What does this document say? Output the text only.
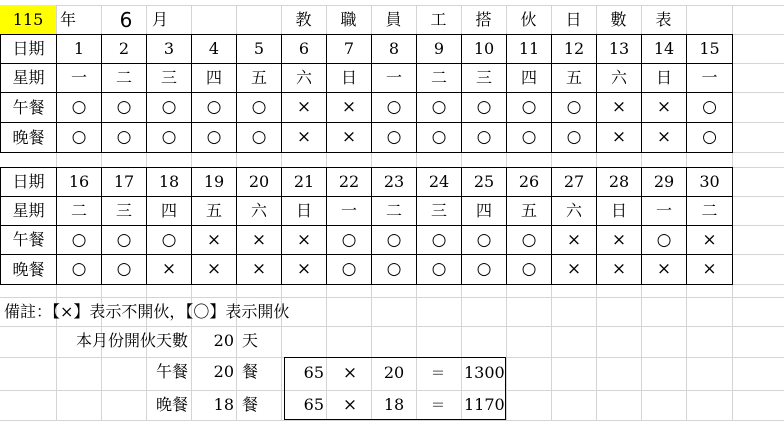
115	年	6	月	教	職	員	工	搭	伙	日	數	表
日期	1	2	3	4	5	6	7	8	9	10	11	12	13	14	15
星期	一	二	三	四	五	六	日	一	二	三	四	五	六	日	一
午餐	○	○	○	○	○	×	×	○	○	○	○	○	×	×	○
晚餐	○	○	○	○	○	×	×	○	○	○	○	○	×	×	○
日期	16	17	18	19	20	21	22	23	24	25	26	27	28	29	30
星期	二	三	四	五	六	日	一	二	三	四	五	六	日	一	二
午餐	○	○	○	×	×	×	○	○	○	○	○	×	×	○	×
晚餐	○	○	×	×	×	×	○	○	○	○	○	×	×	×	×
備註：【×】表示不開伙，【〇】表示開伙
本月份開伙天數	20 天
午餐	20 餐
晚餐	18 餐
65	×	20	=	1300
65	×	18	=	1170
